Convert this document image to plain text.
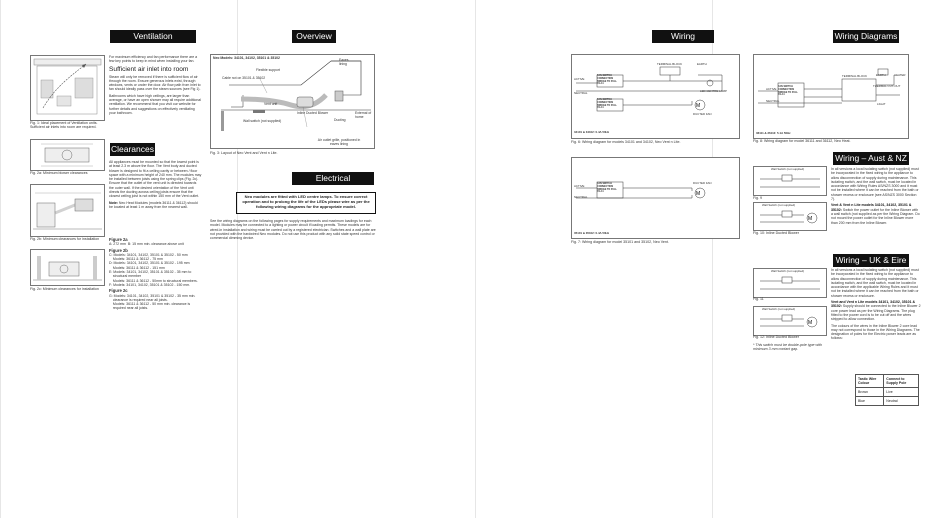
Ventilation Requirements
Fig. 1: Ideal placement of Ventilation units. Sufficient air inlets into room are required.

For maximum efficiency and fan performance there are a few key points to keep in mind when installing your fan.

Sufficient air inlet into room

Steam will only be removed if there is sufficient flow of air through the room. Ensure generous inlets exist, through windows, vents or under the door. Air flow path from inlet to fan should ideally pass over the steam sources (see Fig 1).

Bathrooms which have high ceilings, are larger than average, or have an open shower may all require additional ventilation. We recommend that you visit our website for further details and suggestions on effectively ventilating your bathroom.

Fig. 2a: Minimum blower clearances
Fig. 2b: Minimum clearances for installation
Fig. 2c: Minimum clearances for installation
Clearances

All appliances must be mounted so that the lowest point is at least 2.3 m above the floor. The Vent body and ducted blower is designed to fit a ceiling cavity or between / floor space with a minimum height of 240 mm. The modules may be installed between joists using the spring clips (Fig. 2c). Ensure that the outlet of the vent unit is directed towards the outer wall. If the desired orientation of the Vent unit directs the ducting across ceiling joists ensure that the closest ceiling joist is not within 150 mm of the Vent outlet.

Note: Neo Heat Modules (models 36111 & 36112) should be located at least 1 m away from the nearest wall.

Figure 2a
A: 272 mm  B: 15 mm min. clearance above unit
Figure 2b
C: Models: 34101, 34102, 35101 & 35102 - 50 mm
Models: 36111 & 36112 - 75 mm
D: Models: 34101, 34102, 35101 & 35102 - 195 mm
Models: 36111 & 36112 - 151 mm
E: Models: 34101, 34102, 35101 & 35102 - 35 mm to
structural member
Models: 36111 & 36112 - 50mm to structural members.
F: Models: 34101, 34102, 35101 & 35102 - 150 mm.
Figure 2c
G: Models: 34101, 34102, 35101 & 35102 - 35 mm min.
clearance is required near all joists.
Models: 36111 & 36112 - 50 mm min. clearance is
required near all joists.
Overview
Neo Models: 34101, 34102, 35101 & 35102
Flexible support
Eaves lining
Cable not on 35101 & 35102
Vent unit
Inline Ducted Blower
Ducting
External of home
Wall switch (not supplied)
Air outlet grille, positioned in eaves lining
Fig. 3: Layout of Neo Vent and Vent n Lite.
Electrical Requirements
Neo modules are fitted with LED centre lamps. To ensure correct operation and to prolong the life of the LEDs please wire as per the following wiring diagrams for the appropriate model.

See the wiring diagrams on the following pages for supply requirements and maximum loadings for each model. Modules may be connected to a lighting or power circuit if loading permits. These models are for wired-in installation and wiring must be carried out by a registered electrician. Switches and a wall plate are not provided with the hardwired Neo modules. Do not use this product with any solid state speed control or commercial dimming device.

Wiring Diagrams
M
ACTIVE
NEUTRAL
FAN SWITCH CONNECTION BRIDGE TO FULL FG-11
FAN SWITCH CONNECTION BRIDGE TO FULL FG-11
TERMINAL BLOCK	EARTH
LED CENTRE LAMP
DUCTED FAN
34101 & 34102: 0.4A 50Hz
Fig. 6: Wiring diagram for models 34101 and 34102, Neo Vent n Lite.
M
ACTIVE
NEUTRAL
FAN SWITCH CONNECTION BRIDGE TO FULL FG-11
DUCTED FAN
35101 & 35102: 0.4A 50Hz
Fig. 7: Wiring diagram for model 35101 and 35102, Neo Vent.
Wiring Diagrams
ACTIVE
NEUTRAL
FAN SWITCH CONNECTION BRIDGE TO FULL FG-11
TERMINAL BLOCK	EARTH	HEATER
THERMAL CUT-OUT
LIGHT
36111 & 36112: 5.1A 50Hz
Fig. 8: Wiring diagram for model 36111 and 36112, Neo Heat.
Wiring – Aust & NZ
Wall Switch (not supplied)
Fig. 9
M
Wall Switch (not supplied)
Fig. 10: Inline Ducted Blower

In all versions a local isolating switch (not supplied) must be incorporated in the fixed wiring to the appliance to allow disconnection of supply during maintenance. This isolating switch, and the wall switch, must be located in accordance with Wiring Rules AS/NZS 3000 and it must not be installed where it can be reached from the bath or shower recess or enclosure (see AS/NZS 3000 Section 7).

Vent & Vent n Lite models 34101, 34102, 35101 & 35102: Switch the power outlet for the Inline Blower with a wall switch (not supplied as per the Wiring Diagram. Do not mount the power outlet for the Inline Blower more than 200 mm from the Inline Blower.

Wiring – UK & Eire
Wall Switch (not supplied)
Fig. 11
M
Wall Switch (not supplied)
Fig. 12: Inline Ducted Blower
* This switch must be double-pole type with minimum 3 mm contact gap.

In all versions a local isolating switch (not supplied) must be incorporated in the fixed wiring to the appliance to allow disconnection of supply during maintenance. This isolating switch, and the wall switch, must be located in accordance with the applicable Wiring Rules and it must not be installed where it can be reached from the bath or shower recess or enclosure.

Vent and Vent n Lite models 34101, 34102, 35101 & 35102: Supply should be connected to the Inline Blower 2 core power lead as per the Wiring Diagrams. The plug fitted to the power cord is to be cut off and the wires stripped to allow connection.

The colours of the wires in the Inline Blower 2 core lead may not correspond to those in the Wiring Diagrams. The designation of poles for the Electric power leads are as follows:

Tastic Wire Colour	Connect to Supply Pole
Brown	Live
Blue	Neutral
